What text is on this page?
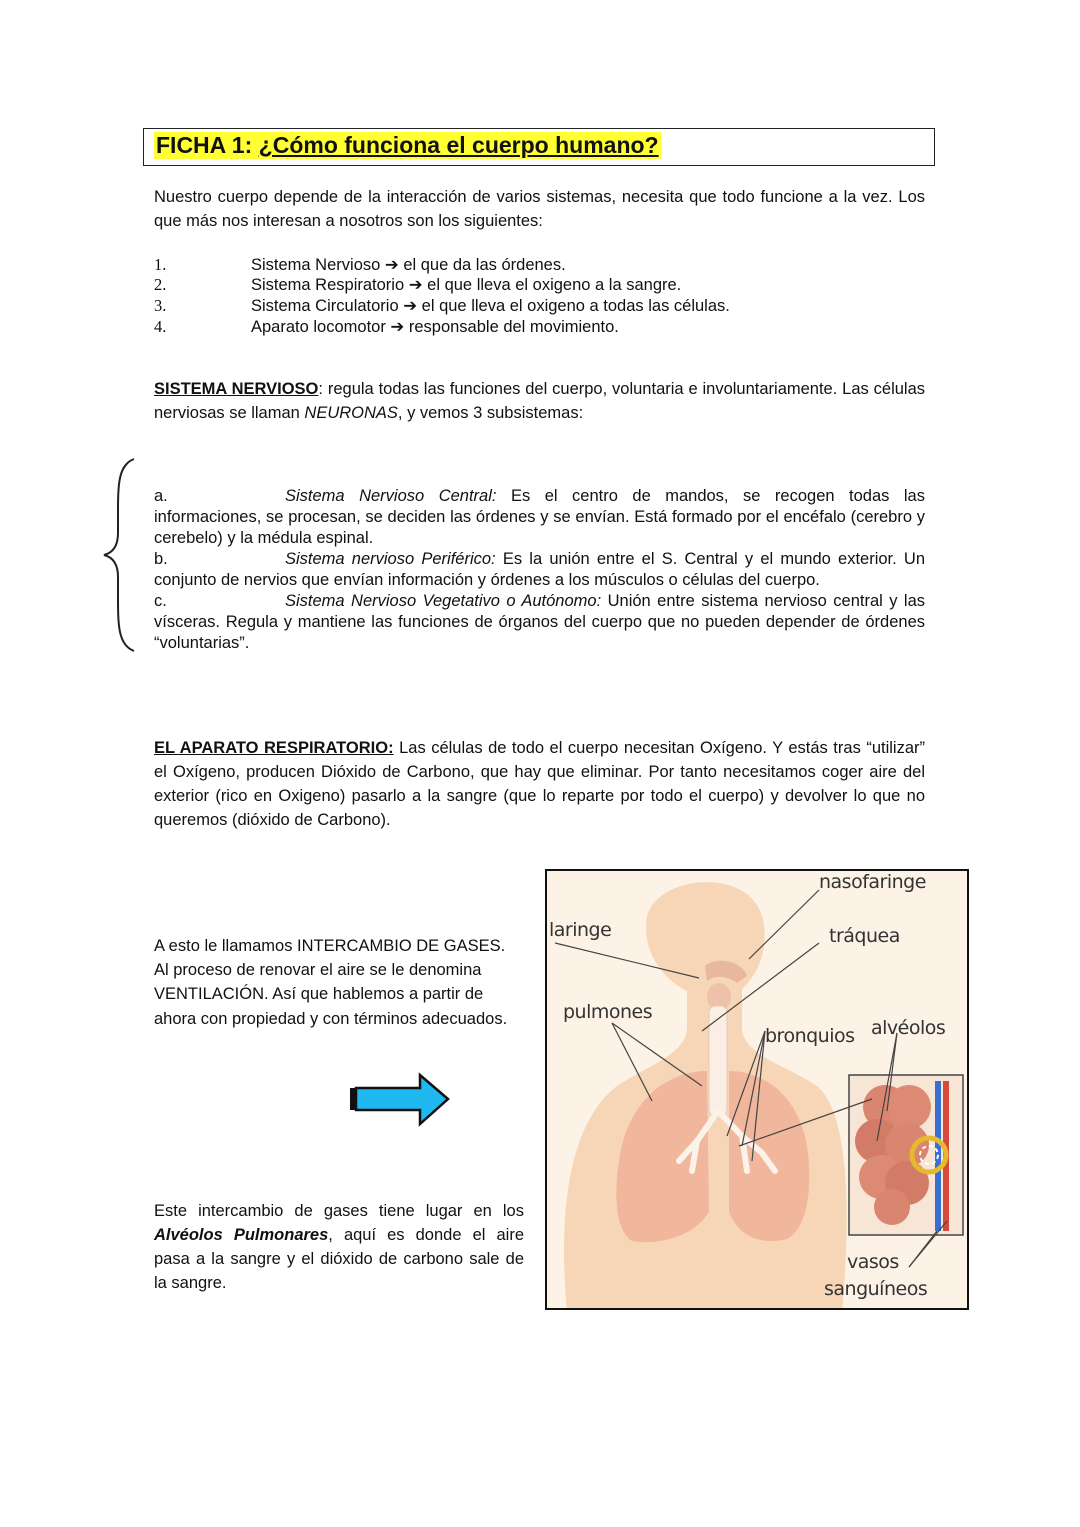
FICHA 1: ¿Cómo funciona el cuerpo humano?
Nuestro cuerpo depende de la interacción de varios sistemas, necesita que todo funcione a la vez. Los que más nos interesan a nosotros son los siguientes:
1.	Sistema Nervioso ➔ el que da las órdenes.
2.	Sistema Respiratorio ➔ el que lleva el oxigeno a la sangre.
3.	Sistema Circulatorio ➔ el que lleva el oxigeno a todas las células.
4.	Aparato locomotor ➔ responsable del movimiento.
SISTEMA NERVIOSO: regula todas las funciones del cuerpo, voluntaria e involuntariamente. Las células nerviosas se llaman NEURONAS, y vemos 3 subsistemas:
a.	Sistema Nervioso Central: Es el centro de mandos, se recogen todas las informaciones, se procesan, se deciden las órdenes y se envían. Está formado por el encéfalo (cerebro y cerebelo) y la médula espinal.
b.	Sistema nervioso Periférico: Es la unión entre el S. Central y el mundo exterior. Un conjunto de nervios que envían información y órdenes a los músculos o células del cuerpo.
c.	Sistema Nervioso Vegetativo o Autónomo: Unión entre sistema nervioso central y las vísceras. Regula y mantiene las funciones de órganos del cuerpo que no pueden depender de órdenes “voluntarias”.
EL APARATO RESPIRATORIO: Las células de todo el cuerpo necesitan Oxígeno. Y estás tras “utilizar” el Oxígeno, producen Dióxido de Carbono, que hay que eliminar. Por tanto necesitamos coger aire del exterior (rico en Oxigeno) pasarlo a la sangre (que lo reparte por todo el cuerpo) y devolver lo que no queremos (dióxido de Carbono).
A esto le llamamos INTERCAMBIO DE GASES. Al proceso de renovar el aire se le denomina VENTILACIÓN. Así que hablemos a partir de ahora con propiedad y con términos adecuados.
Este intercambio de gases tiene lugar en los Alvéolos Pulmonares, aquí es donde el aire pasa a la sangre y el dióxido de carbono sale de la sangre.
nasofaringe
laringe	tráquea
pulmones
bronquios alvéolos
vasos
sanguíneos
